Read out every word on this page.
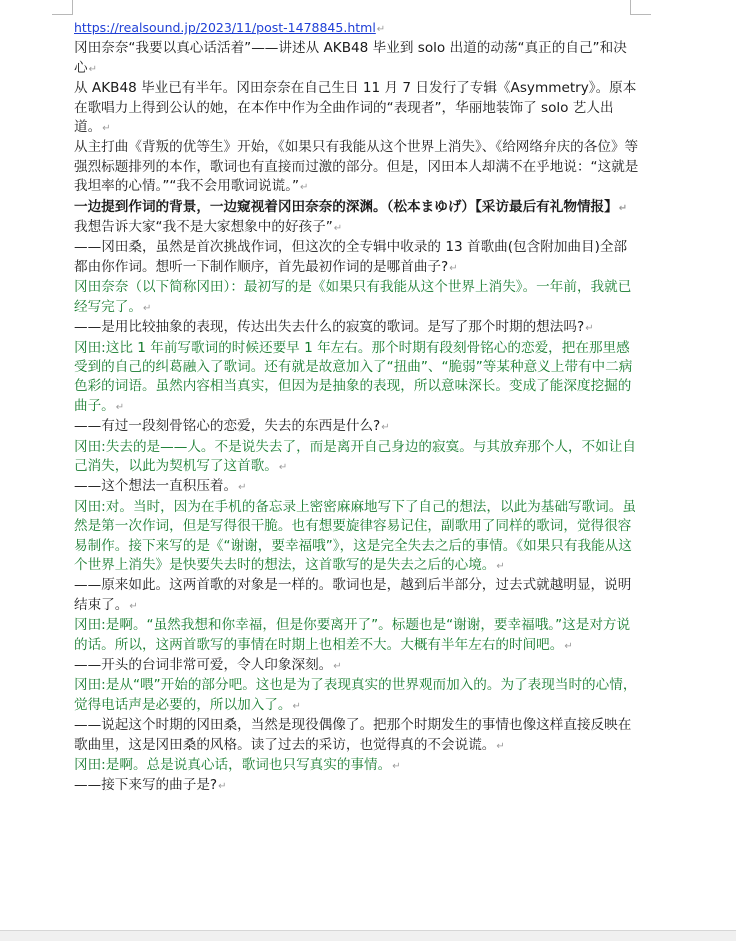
https://realsound.jp/2023/11/post-1478845.html↵

冈田奈奈“我要以真心话活着”——讲述从 AKB48 毕业到 solo 出道的动荡“真正的自己”和决心↵

从 AKB48 毕业已有半年。冈田奈奈在自己生日 11 月 7 日发行了专辑《Asymmetry》。原本在歌唱力上得到公认的她，在本作中作为全曲作词的“表现者”，华丽地装饰了 solo 艺人出道。↵

从主打曲《背叛的优等生》开始，《如果只有我能从这个世界上消失》、《给网络弁庆的各位》等强烈标题排列的本作，歌词也有直接而过激的部分。但是，冈田本人却满不在乎地说：“这就是我坦率的心情。”“我不会用歌词说谎。”↵

一边提到作词的背景，一边窥视着冈田奈奈的深渊。（松本まゆげ）【采访最后有礼物情报】↵

我想告诉大家“我不是大家想象中的好孩子”↵

——冈田桑，虽然是首次挑战作词，但这次的全专辑中收录的 13 首歌曲(包含附加曲目)全部都由你作词。想听一下制作顺序，首先最初作词的是哪首曲子?↵

冈田奈奈（以下简称冈田）：最初写的是《如果只有我能从这个世界上消失》。一年前，我就已经写完了。↵

——是用比较抽象的表现，传达出失去什么的寂寞的歌词。是写了那个时期的想法吗?↵

冈田:这比 1 年前写歌词的时候还要早 1 年左右。那个时期有段刻骨铭心的恋爱，把在那里感受到的自己的纠葛融入了歌词。还有就是故意加入了“扭曲”、“脆弱”等某种意义上带有中二病色彩的词语。虽然内容相当真实，但因为是抽象的表现，所以意味深长。变成了能深度挖掘的曲子。↵

——有过一段刻骨铭心的恋爱，失去的东西是什么?↵

冈田:失去的是——人。不是说失去了，而是离开自己身边的寂寞。与其放弃那个人，不如让自己消失，以此为契机写了这首歌。↵

——这个想法一直积压着。↵

冈田:对。当时，因为在手机的备忘录上密密麻麻地写下了自己的想法，以此为基础写歌词。虽然是第一次作词，但是写得很干脆。也有想要旋律容易记住，副歌用了同样的歌词，觉得很容易制作。接下来写的是《“谢谢，要幸福哦”》，这是完全失去之后的事情。《如果只有我能从这个世界上消失》是快要失去时的想法，这首歌写的是失去之后的心境。↵

——原来如此。这两首歌的对象是一样的。歌词也是，越到后半部分，过去式就越明显，说明结束了。↵

冈田:是啊。“虽然我想和你幸福，但是你要离开了”。标题也是“谢谢，要幸福哦。”这是对方说的话。所以，这两首歌写的事情在时期上也相差不大。大概有半年左右的时间吧。↵

——开头的台词非常可爱，令人印象深刻。↵

冈田:是从“喂”开始的部分吧。这也是为了表现真实的世界观而加入的。为了表现当时的心情，觉得电话声是必要的，所以加入了。↵

——说起这个时期的冈田桑，当然是现役偶像了。把那个时期发生的事情也像这样直接反映在歌曲里，这是冈田桑的风格。读了过去的采访，也觉得真的不会说谎。↵

冈田:是啊。总是说真心话，歌词也只写真实的事情。↵

——接下来写的曲子是?↵
